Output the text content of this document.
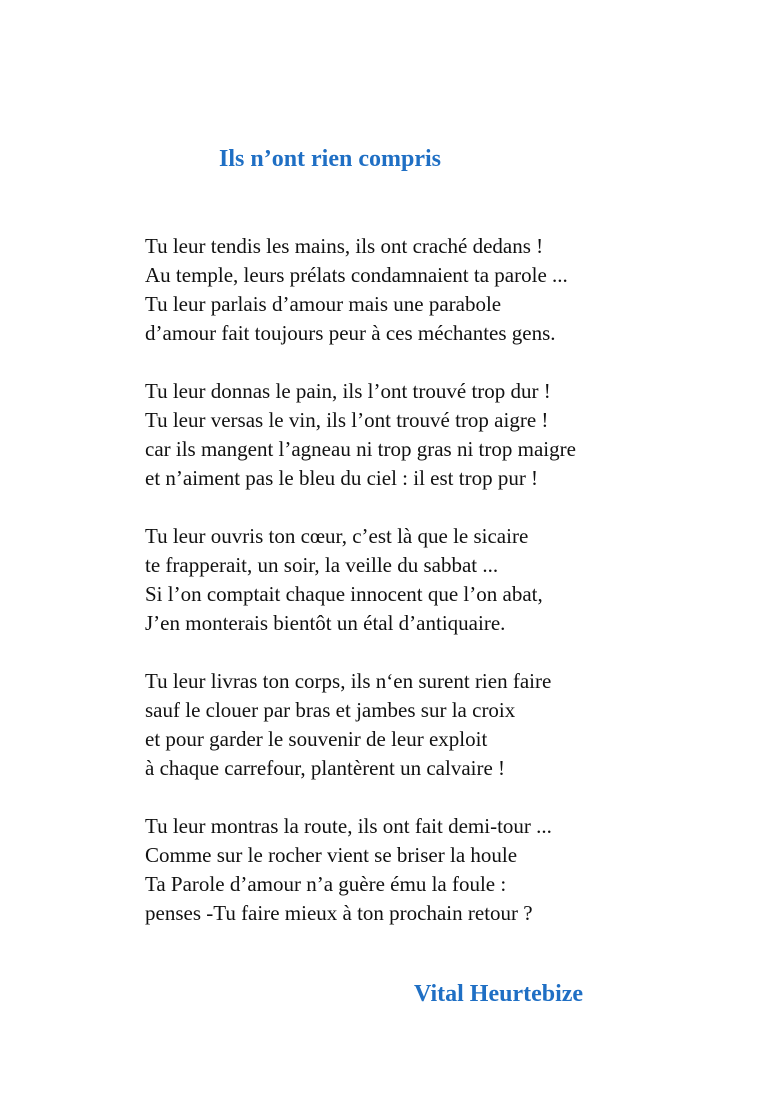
Ils n’ont rien compris
Tu leur tendis les mains, ils ont craché dedans !
Au temple, leurs prélats condamnaient ta parole ...
Tu leur parlais d’amour mais une parabole
d’amour fait toujours peur à ces méchantes gens.
Tu leur donnas le pain, ils l’ont trouvé trop dur !
Tu leur versas le vin, ils l’ont trouvé trop aigre !
car ils mangent l’agneau ni trop gras ni trop maigre
et n’aiment pas le bleu du ciel : il est trop pur !
Tu leur ouvris ton cœur, c’est là que le sicaire
te frapperait, un soir, la veille du sabbat ...
Si l’on comptait chaque innocent que l’on abat,
J’en monterais bientôt un étal d’antiquaire.
Tu leur livras ton corps, ils n‘en surent rien faire
sauf le clouer par bras et jambes sur la croix
et pour garder le souvenir de leur exploit
à chaque carrefour, plantèrent un calvaire !
Tu leur montras la route, ils ont fait demi-tour ...
Comme sur le rocher vient se briser la houle
Ta Parole d’amour n’a guère ému la foule :
penses -Tu faire mieux à ton prochain retour ?

Vital Heurtebize
